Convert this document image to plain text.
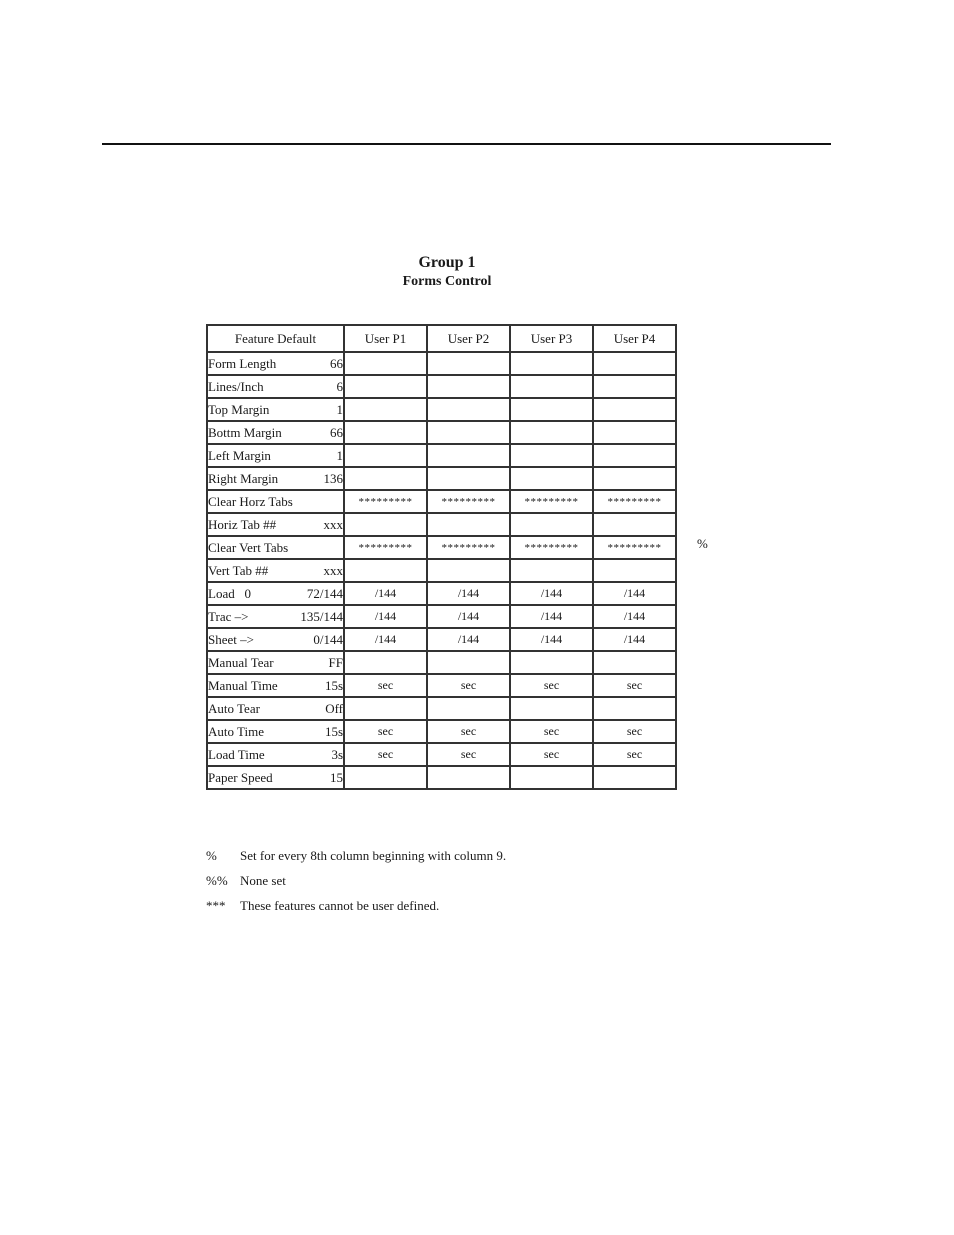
Group 1
Forms Control
Feature Default	User P1	User P2	User P3	User P4

Form Length 66				

Lines/Inch 6				

Top Margin 1				

Bottm Margin 66				

Left Margin 1				

Right Margin 136				

Clear Horz Tabs	*********	*********	*********	*********

Horiz Tab ## xxx				

Clear Vert Tabs	*********	*********	*********	*********

Vert Tab ## xxx				

Load   0 72/144	/144	/144	/144	/144

Trac –> 135/144	/144	/144	/144	/144

Sheet –> 0/144	/144	/144	/144	/144

Manual Tear FF				

Manual Time 15s	sec	sec	sec	sec

Auto Tear Off				

Auto Time 15s	sec	sec	sec	sec

Load Time 3s	sec	sec	sec	sec

Paper Speed 15				

%
%	Set for every 8th column beginning with column 9.
%% None set
***	These features cannot be user defined.
